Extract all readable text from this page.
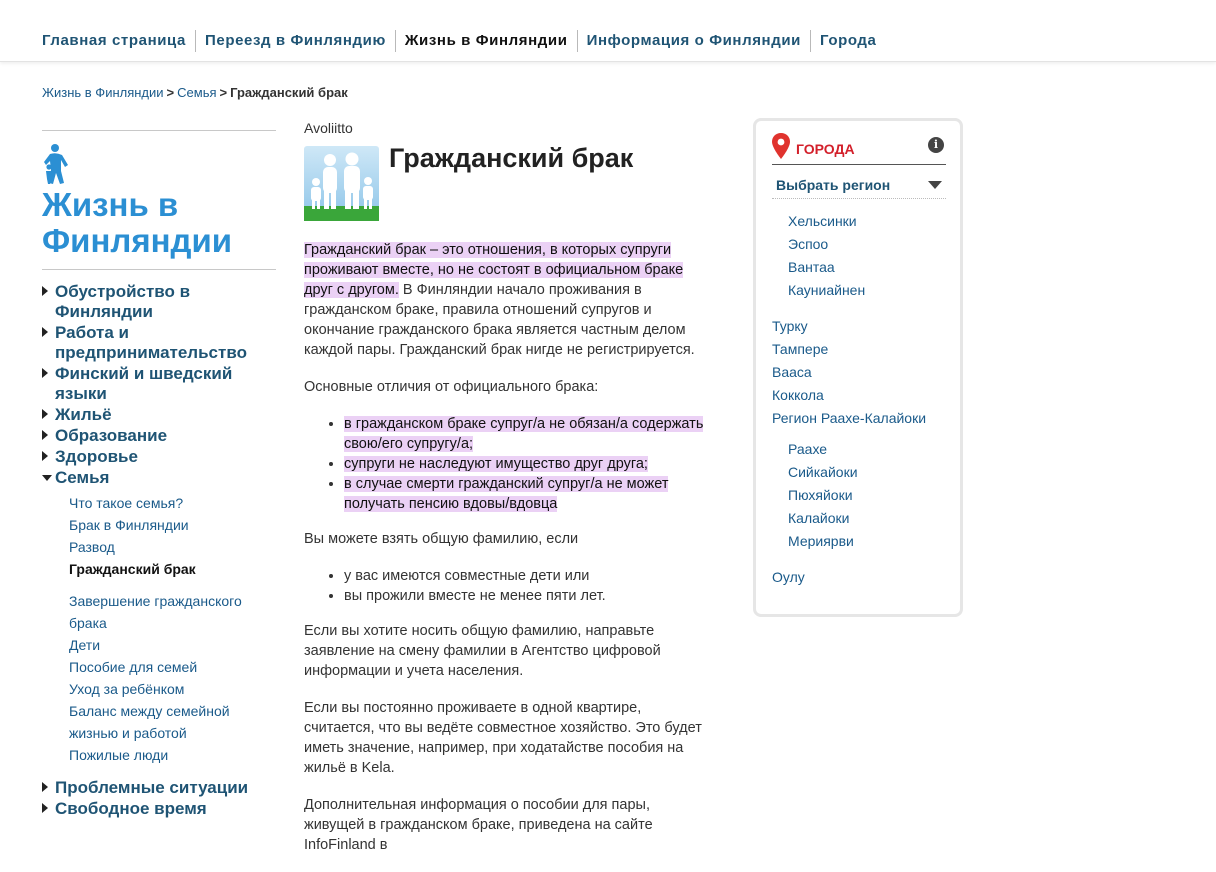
Главная страница	Переезд в Финляндию	Жизнь в Финляндии	Информация о Финляндии	Города
Жизнь в Финляндии > Семья > Гражданский брак
Жизнь в Финляндии
Обустройство в Финляндии
Работа и предпринимательство
Финский и шведский языки
Жильё
Образование
Здоровье
Семья
Что такое семья?
Брак в Финляндии
Развод
Гражданский брак
Завершение гражданского брака
Дети
Пособие для семей
Уход за ребёнком
Баланс между семейной жизнью и работой
Пожилые люди
Проблемные ситуации
Свободное время
Avoliitto
Гражданский брак

Гражданский брак – это отношения, в которых супруги проживают вместе, но не состоят в официальном браке друг с другом. В Финляндии начало проживания в гражданском браке, правила отношений супругов и окончание гражданского брака является частным делом каждой пары. Гражданский брак нигде не регистрируется.

Основные отличия от официального брака:

• в гражданском браке супруг/а не обязан/а содержать свою/его супругу/а;
• супруги не наследуют имущество друг друга;
• в случае смерти гражданский супруг/а не может получать пенсию вдовы/вдовца

Вы можете взять общую фамилию, если

• у вас имеются совместные дети или
• вы прожили вместе не менее пяти лет.

Если вы хотите носить общую фамилию, направьте заявление на смену фамилии в Агентство цифровой информации и учета населения.

Если вы постоянно проживаете в одной квартире, считается, что вы ведёте совместное хозяйство. Это будет иметь значение, например, при ходатайстве пособия на жильё в Kela.

Дополнительная информация о пособии для пары, живущей в гражданском браке, приведена на сайте InfoFinland в

ГОРОДА	i
Выбрать регион
Хельсинки
Эспоо
Вантаа
Кауниайнен
Турку
Тампере
Вааса
Коккола
Регион Раахе-Калайоки
Раахе
Сийкайоки
Пюхяйоки
Калайоки
Мериярви
Оулу
